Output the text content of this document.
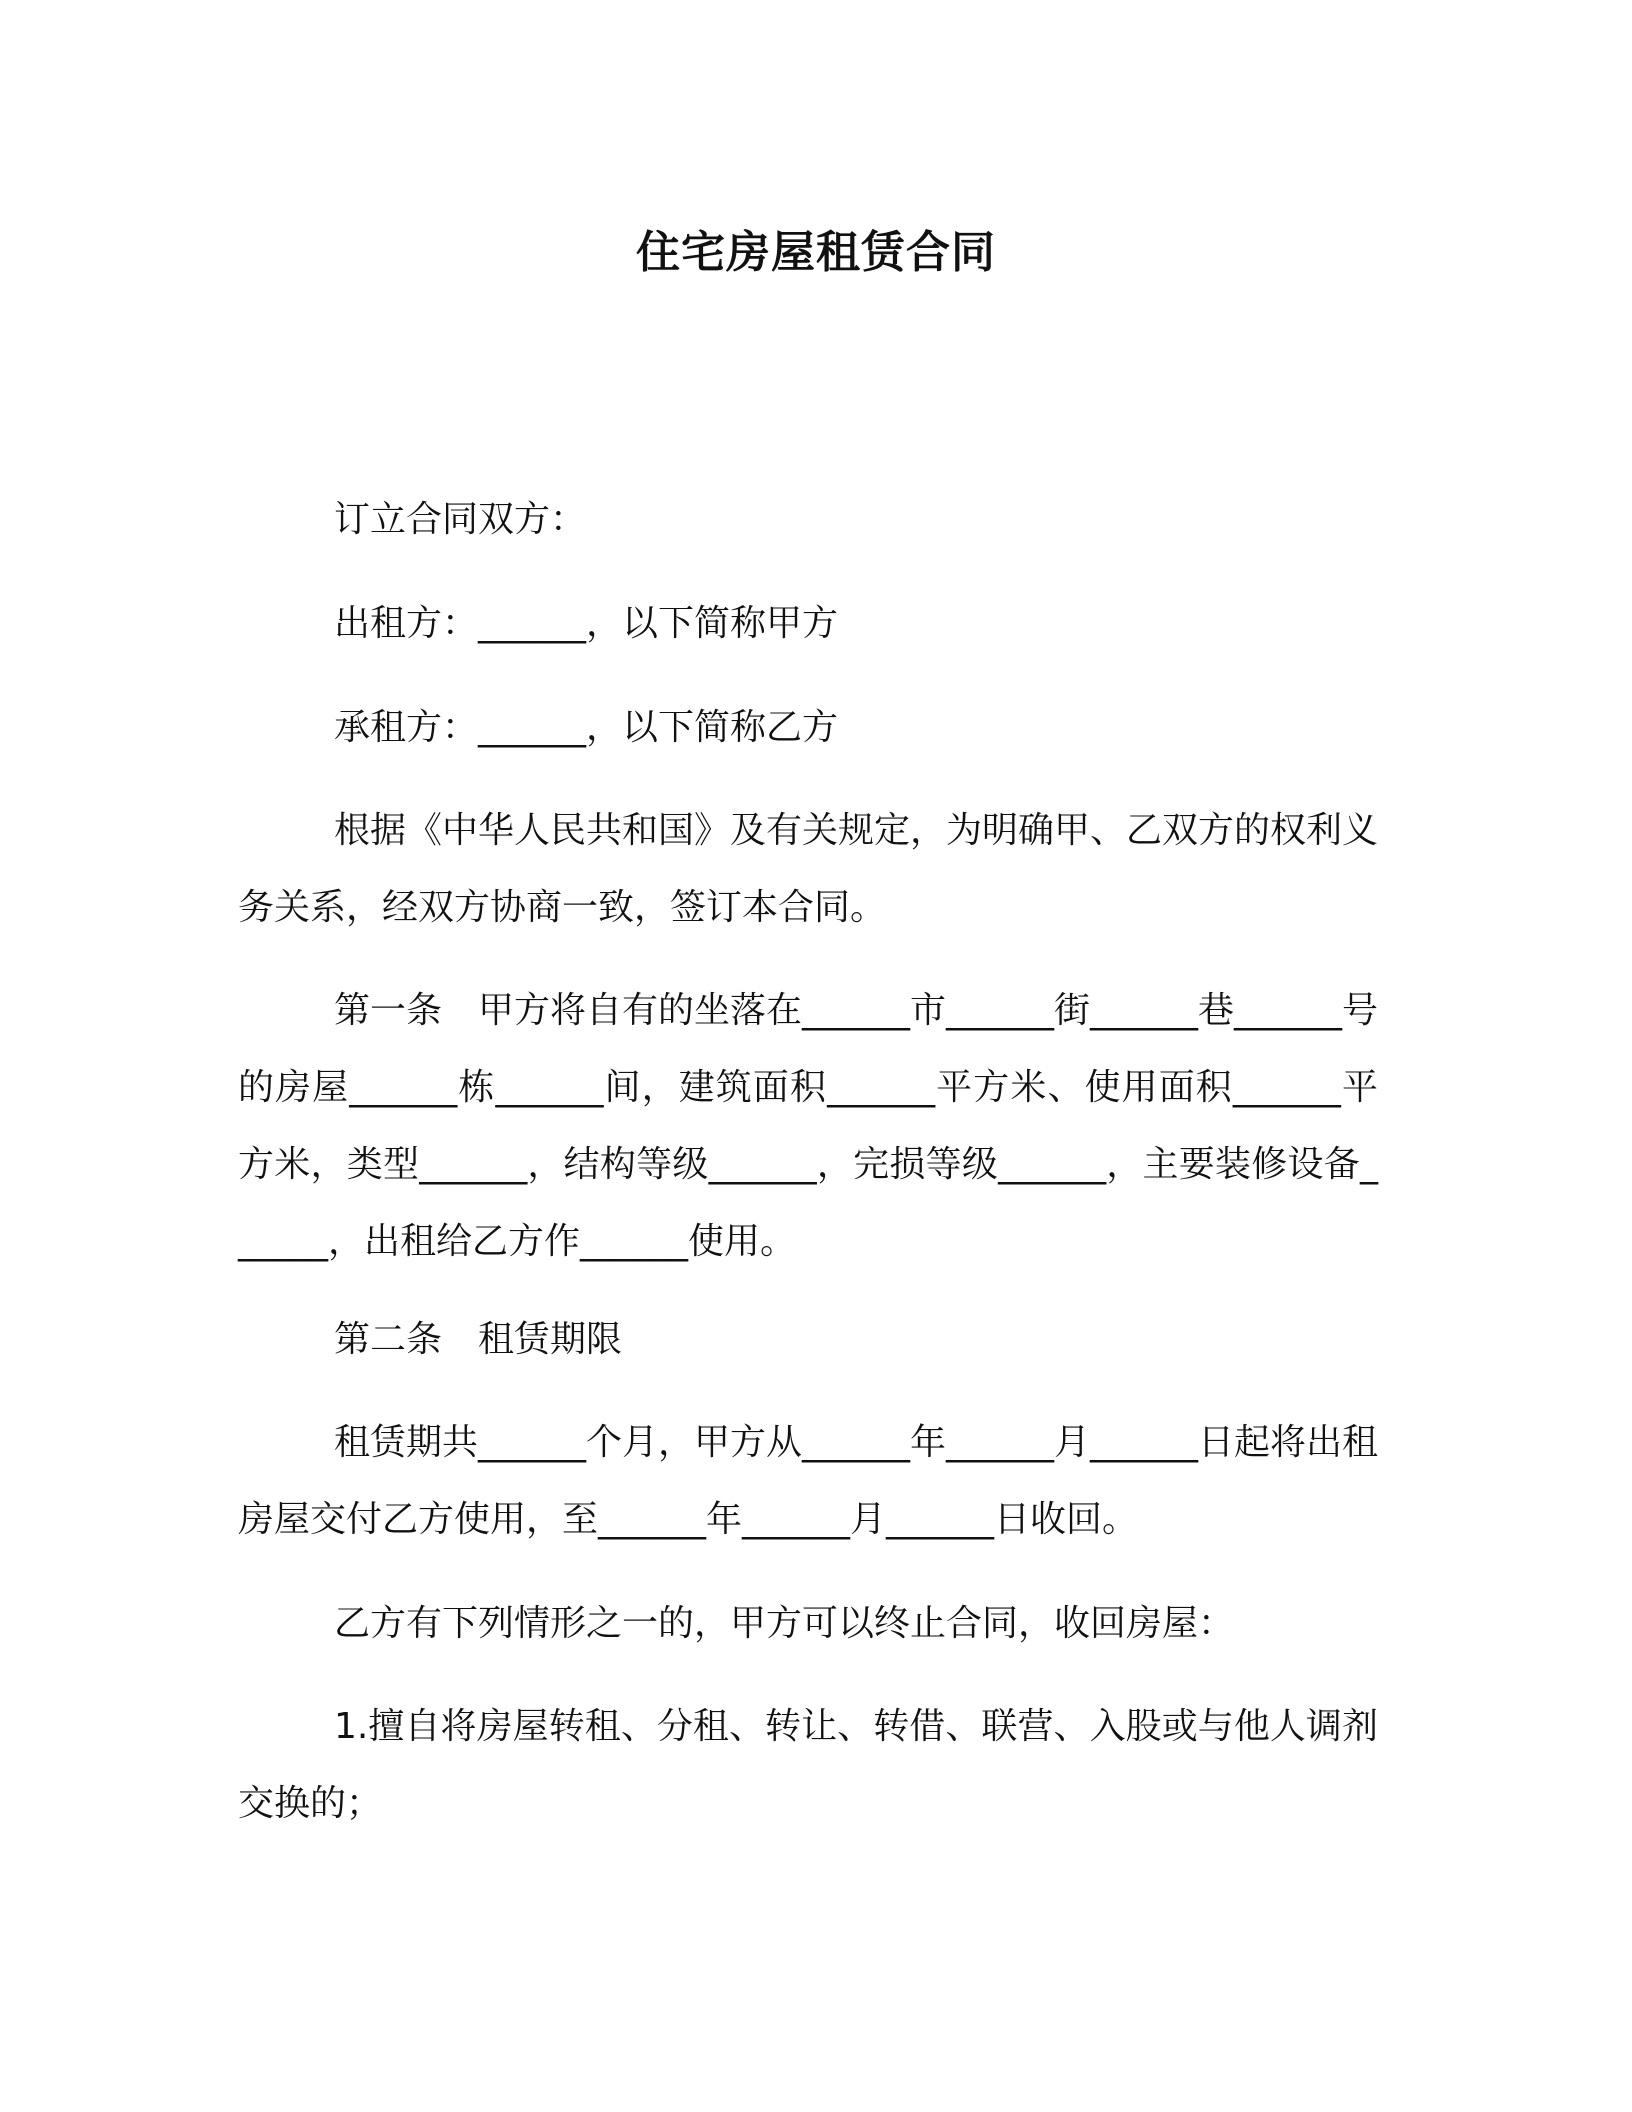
住宅房屋租赁合同
订立合同双方：
出租方：______，以下简称甲方
承租方：______，以下简称乙方
根据《中华人民共和国》及有关规定，为明确甲、乙双方的权利义务关系，经双方协商一致，签订本合同。
第一条　甲方将自有的坐落在______市______街______巷______号的房屋______栋______间，建筑面积______平方米、使用面积______平方米，类型______，结构等级______，完损等级______，主要装修设备______，出租给乙方作______使用。
第二条　租赁期限
租赁期共______个月，甲方从______年______月______日起将出租房屋交付乙方使用，至______年______月______日收回。
乙方有下列情形之一的，甲方可以终止合同，收回房屋：
1.擅自将房屋转租、分租、转让、转借、联营、入股或与他人调剂交换的；
